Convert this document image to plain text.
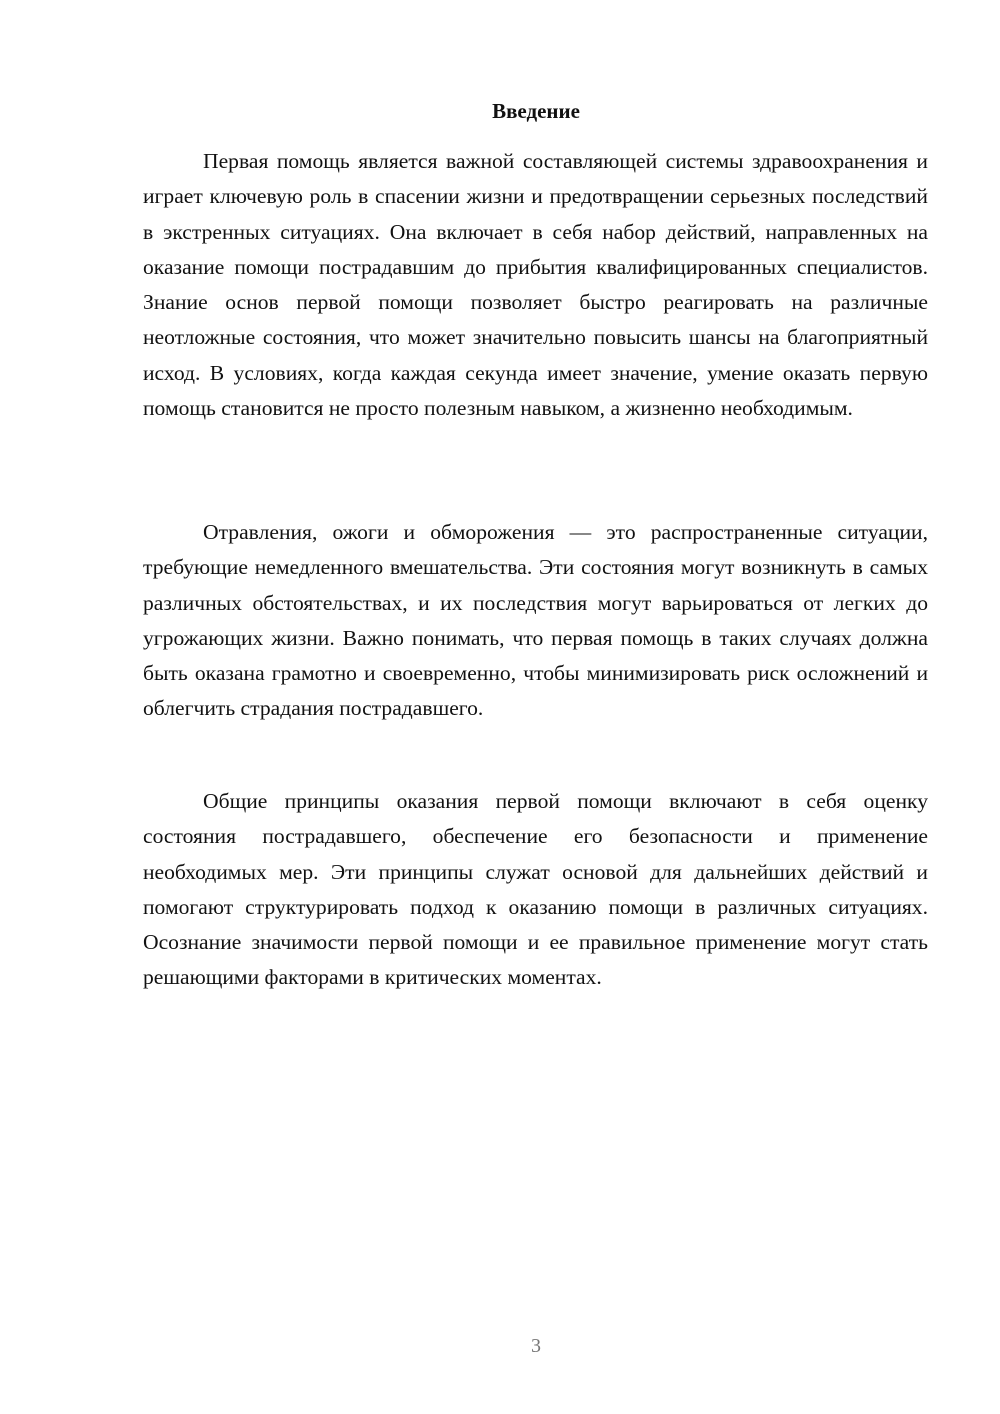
Введение

Первая помощь является важной составляющей системы здравоохранения и играет ключевую роль в спасении жизни и предотвращении серьезных последствий в экстренных ситуациях. Она включает в себя набор действий, направленных на оказание помощи пострадавшим до прибытия квалифицированных специалистов. Знание основ первой помощи позволяет быстро реагировать на различные неотложные состояния, что может значительно повысить шансы на благоприятный исход. В условиях, когда каждая секунда имеет значение, умение оказать первую помощь становится не просто полезным навыком, а жизненно необходимым.

Отравления, ожоги и обморожения — это распространенные ситуации, требующие немедленного вмешательства. Эти состояния могут возникнуть в самых различных обстоятельствах, и их последствия могут варьироваться от легких до угрожающих жизни. Важно понимать, что первая помощь в таких случаях должна быть оказана грамотно и своевременно, чтобы минимизировать риск осложнений и облегчить страдания пострадавшего.

Общие принципы оказания первой помощи включают в себя оценку состояния пострадавшего, обеспечение его безопасности и применение необходимых мер. Эти принципы служат основой для дальнейших действий и помогают структурировать подход к оказанию помощи в различных ситуациях. Осознание значимости первой помощи и ее правильное применение могут стать решающими факторами в критических моментах.

3
